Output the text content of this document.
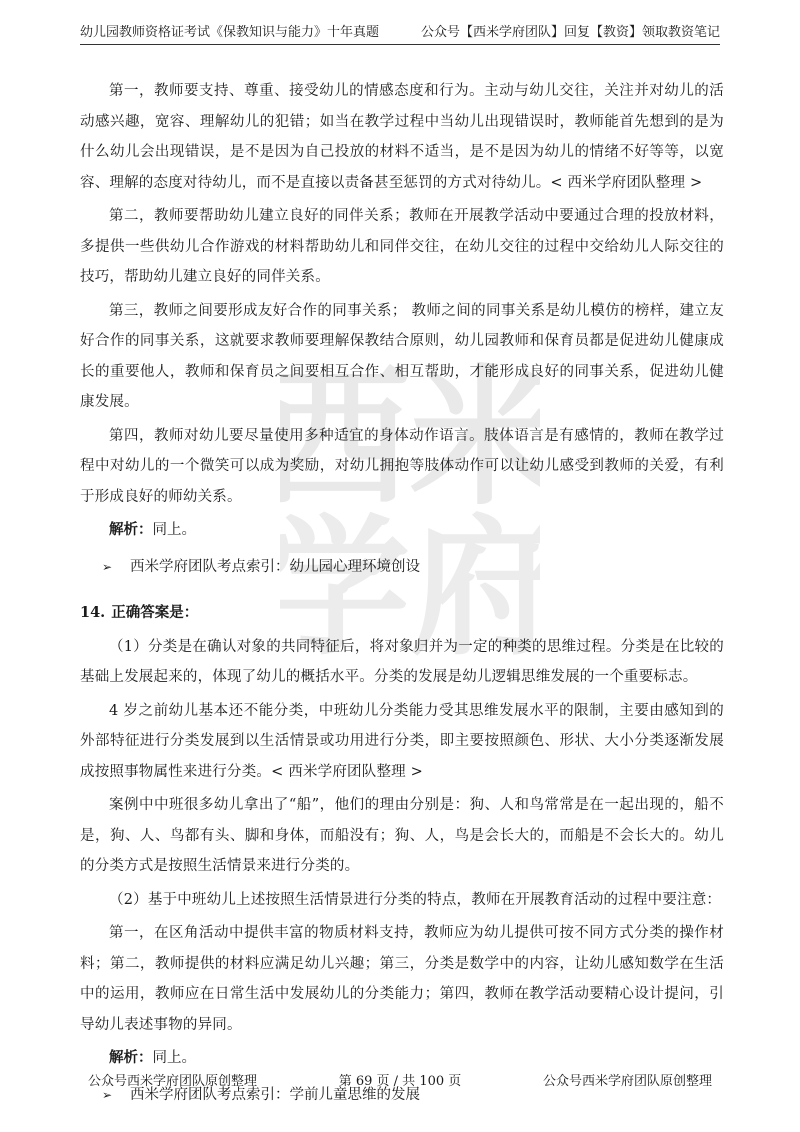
幼儿园教师资格证考试《保教知识与能力》十年真题	公众号【西米学府团队】回复【教资】领取教资笔记
西米
学府

第一，教师要支持、尊重、接受幼儿的情感态度和行为。主动与幼儿交往，关注并对幼儿的活动感兴趣，宽容、理解幼儿的犯错；如当在教学过程中当幼儿出现错误时，教师能首先想到的是为什么幼儿会出现错误，是不是因为自己投放的材料不适当，是不是因为幼儿的情绪不好等等，以宽容、理解的态度对待幼儿，而不是直接以责备甚至惩罚的方式对待幼儿。< 西米学府团队整理 >

第二，教师要帮助幼儿建立良好的同伴关系；教师在开展教学活动中要通过合理的投放材料，多提供一些供幼儿合作游戏的材料帮助幼儿和同伴交往，在幼儿交往的过程中交给幼儿人际交往的技巧，帮助幼儿建立良好的同伴关系。

第三，教师之间要形成友好合作的同事关系； 教师之间的同事关系是幼儿模仿的榜样，建立友好合作的同事关系，这就要求教师要理解保教结合原则，幼儿园教师和保育员都是促进幼儿健康成长的重要他人，教师和保育员之间要相互合作、相互帮助，才能形成良好的同事关系，促进幼儿健康发展。

第四，教师对幼儿要尽量使用多种适宜的身体动作语言。肢体语言是有感情的，教师在教学过程中对幼儿的一个微笑可以成为奖励，对幼儿拥抱等肢体动作可以让幼儿感受到教师的关爱，有利于形成良好的师幼关系。

解析：同上。

➢ 西米学府团队考点索引：幼儿园心理环境创设

14. 正确答案是：

（1）分类是在确认对象的共同特征后，将对象归并为一定的种类的思维过程。分类是在比较的基础上发展起来的，体现了幼儿的概括水平。分类的发展是幼儿逻辑思维发展的一个重要标志。

4 岁之前幼儿基本还不能分类，中班幼儿分类能力受其思维发展水平的限制，主要由感知到的外部特征进行分类发展到以生活情景或功用进行分类，即主要按照颜色、形状、大小分类逐渐发展成按照事物属性来进行分类。< 西米学府团队整理 >

案例中中班很多幼儿拿出了“船”，他们的理由分别是：狗、人和鸟常常是在一起出现的，船不是，狗、人、鸟都有头、脚和身体，而船没有；狗、人，鸟是会长大的，而船是不会长大的。幼儿的分类方式是按照生活情景来进行分类的。

（2）基于中班幼儿上述按照生活情景进行分类的特点，教师在开展教育活动的过程中要注意：

第一，在区角活动中提供丰富的物质材料支持，教师应为幼儿提供可按不同方式分类的操作材料；第二，教师提供的材料应满足幼儿兴趣；第三，分类是数学中的内容，让幼儿感知数学在生活中的运用，教师应在日常生活中发展幼儿的分类能力；第四，教师在教学活动要精心设计提问，引导幼儿表述事物的异同。

解析：同上。

➢ 西米学府团队考点索引：学前儿童思维的发展

公众号西米学府团队原创整理	第 69 页 / 共 100 页	公众号西米学府团队原创整理
